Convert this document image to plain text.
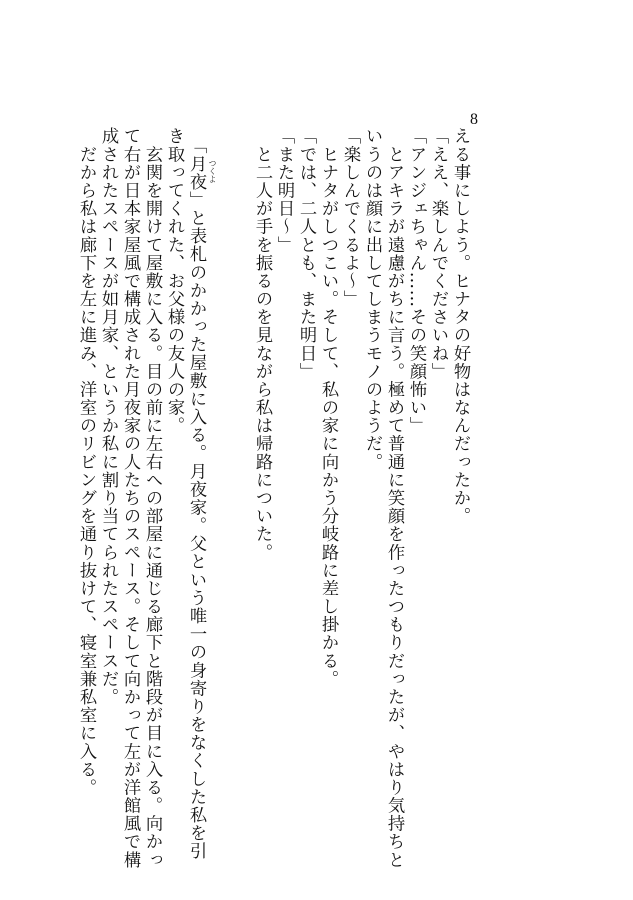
8
える事にしよう。ヒナタの好物はなんだったか。
「ええ、楽しんでくださいね」
「アンジェちゃん……その笑顔怖い」
　とアキラが遠慮がちに言う。極めて普通に笑顔を作ったつもりだったが、やはり気持ちと
いうのは顔に出してしまうモノのようだ。
「楽しんでくるよ〜」
　ヒナタがしつこい。そして、私の家に向かう分岐路に差し掛かる。
「では、二人とも、また明日」
「また明日〜」
　と二人が手を振るのを見ながら私は帰路についた。
　「月夜」と表札のかかった屋敷に入る。月夜家。父という唯一の身寄りをなくした私を引 つくよ
き取ってくれた、お父様の友人の家。
　玄関を開けて屋敷に入る。目の前に左右への部屋に通じる廊下と階段が目に入る。向かっ
て右が日本家屋風で構成された月夜家の人たちのスペース。そして向かって左が洋館風で構
成されたスペースが如月家、というか私に割り当てられたスペースだ。
　だから私は廊下を左に進み、洋室のリビングを通り抜けて、寝室兼私室に入る。
